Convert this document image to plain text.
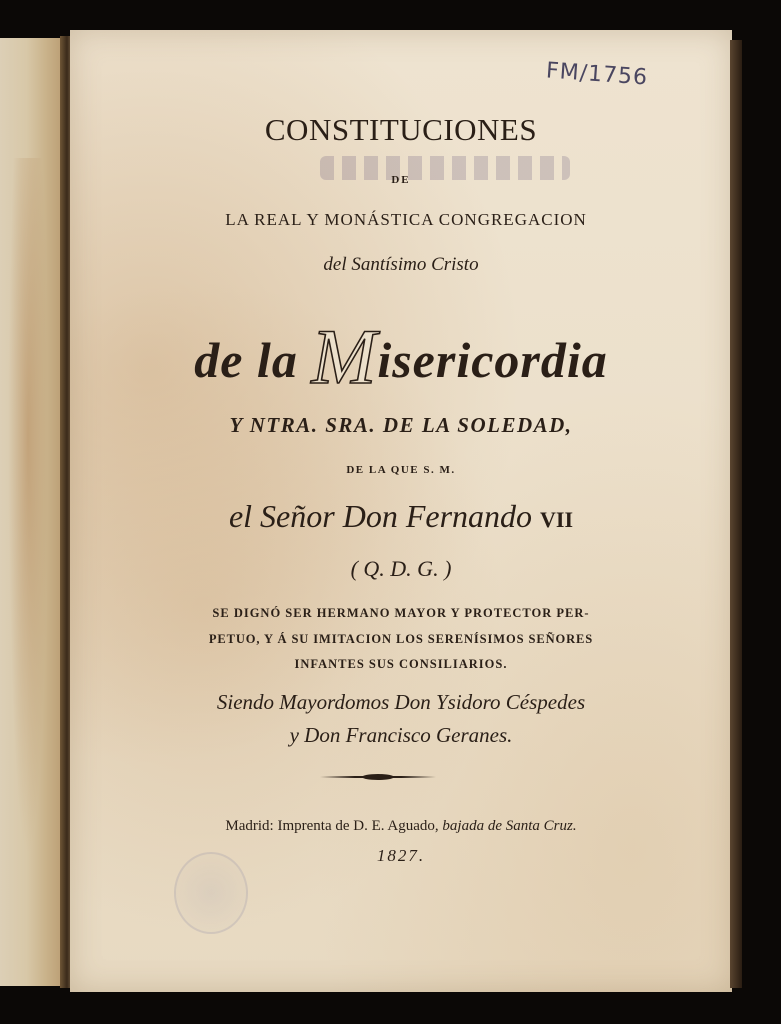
FM/1756
CONSTITUCIONES
DE
LA REAL Y MONÁSTICA CONGREGACION
del Santísimo Cristo
de la Misericordia
Y NTRA. SRA. DE LA SOLEDAD,
DE LA QUE S. M.
el Señor Don Fernando VII
( Q. D. G. )
SE DIGNÓ SER HERMANO MAYOR Y PROTECTOR PER-
PETUO, Y Á SU IMITACION LOS SERENÍSIMOS SEÑORES
INFANTES SUS CONSILIARIOS.
Siendo Mayordomos Don Ysidoro Céspedes
y Don Francisco Geranes.
Madrid: Imprenta de D. E. Aguado, bajada de Santa Cruz.
1827.
